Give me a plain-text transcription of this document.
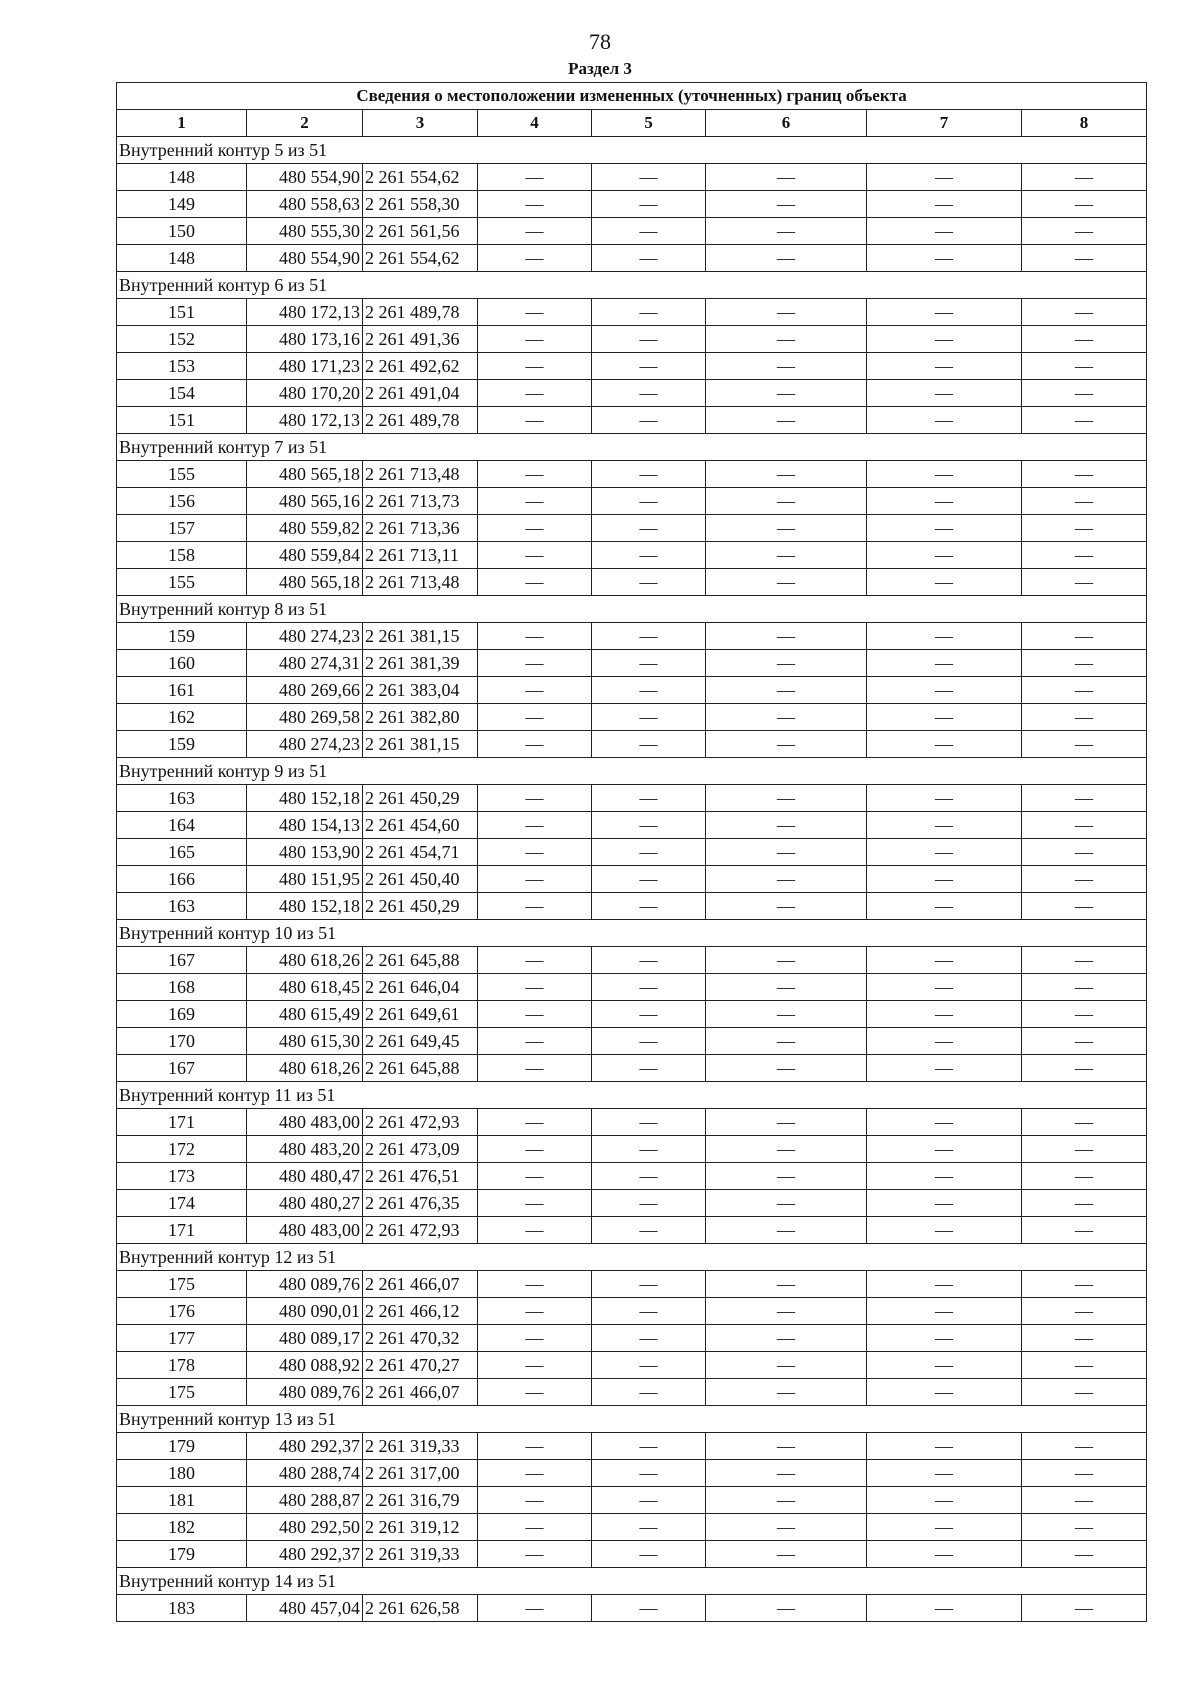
78
Раздел 3
Сведения о местоположении измененных (уточненных) границ объекта							
1	2	3	4	5	6	7	8
Внутренний контур 5 из 51							
148	480 554,90	2 261 554,62	—	—	—	—	—
149	480 558,63	2 261 558,30	—	—	—	—	—
150	480 555,30	2 261 561,56	—	—	—	—	—
148	480 554,90	2 261 554,62	—	—	—	—	—
Внутренний контур 6 из 51							
151	480 172,13	2 261 489,78	—	—	—	—	—
152	480 173,16	2 261 491,36	—	—	—	—	—
153	480 171,23	2 261 492,62	—	—	—	—	—
154	480 170,20	2 261 491,04	—	—	—	—	—
151	480 172,13	2 261 489,78	—	—	—	—	—
Внутренний контур 7 из 51							
155	480 565,18	2 261 713,48	—	—	—	—	—
156	480 565,16	2 261 713,73	—	—	—	—	—
157	480 559,82	2 261 713,36	—	—	—	—	—
158	480 559,84	2 261 713,11	—	—	—	—	—
155	480 565,18	2 261 713,48	—	—	—	—	—
Внутренний контур 8 из 51							
159	480 274,23	2 261 381,15	—	—	—	—	—
160	480 274,31	2 261 381,39	—	—	—	—	—
161	480 269,66	2 261 383,04	—	—	—	—	—
162	480 269,58	2 261 382,80	—	—	—	—	—
159	480 274,23	2 261 381,15	—	—	—	—	—
Внутренний контур 9 из 51							
163	480 152,18	2 261 450,29	—	—	—	—	—
164	480 154,13	2 261 454,60	—	—	—	—	—
165	480 153,90	2 261 454,71	—	—	—	—	—
166	480 151,95	2 261 450,40	—	—	—	—	—
163	480 152,18	2 261 450,29	—	—	—	—	—
Внутренний контур 10 из 51							
167	480 618,26	2 261 645,88	—	—	—	—	—
168	480 618,45	2 261 646,04	—	—	—	—	—
169	480 615,49	2 261 649,61	—	—	—	—	—
170	480 615,30	2 261 649,45	—	—	—	—	—
167	480 618,26	2 261 645,88	—	—	—	—	—
Внутренний контур 11 из 51							
171	480 483,00	2 261 472,93	—	—	—	—	—
172	480 483,20	2 261 473,09	—	—	—	—	—
173	480 480,47	2 261 476,51	—	—	—	—	—
174	480 480,27	2 261 476,35	—	—	—	—	—
171	480 483,00	2 261 472,93	—	—	—	—	—
Внутренний контур 12 из 51							
175	480 089,76	2 261 466,07	—	—	—	—	—
176	480 090,01	2 261 466,12	—	—	—	—	—
177	480 089,17	2 261 470,32	—	—	—	—	—
178	480 088,92	2 261 470,27	—	—	—	—	—
175	480 089,76	2 261 466,07	—	—	—	—	—
Внутренний контур 13 из 51							
179	480 292,37	2 261 319,33	—	—	—	—	—
180	480 288,74	2 261 317,00	—	—	—	—	—
181	480 288,87	2 261 316,79	—	—	—	—	—
182	480 292,50	2 261 319,12	—	—	—	—	—
179	480 292,37	2 261 319,33	—	—	—	—	—
Внутренний контур 14 из 51							
183	480 457,04	2 261 626,58	—	—	—	—	—
